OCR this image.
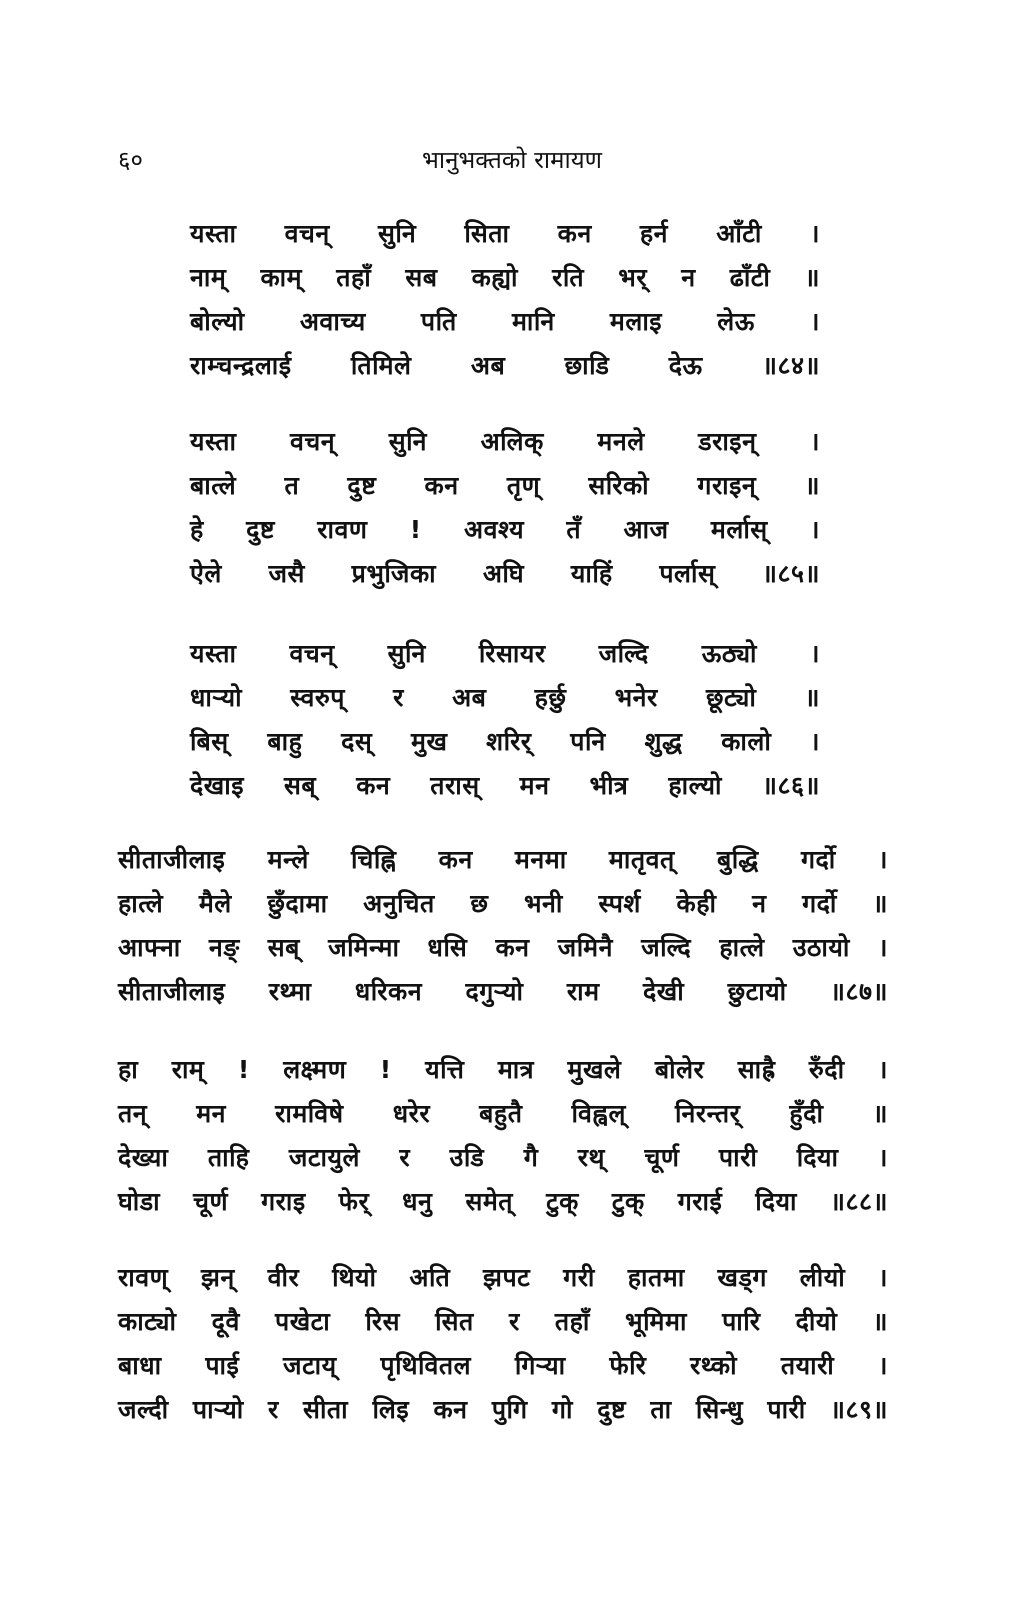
६०	भानुभक्तको रामायण
यस्ता वचन् सुनि सिता कन हर्न आँटी ।
नाम् काम् तहाँ सब कह्यो रति भर् न ढाँटी ॥
बोल्यो अवाच्य पति मानि मलाइ लेऊ ।
राम्चन्द्रलाई तिमिले अब छाडि देऊ ॥८४॥
यस्ता वचन् सुनि अलिक् मनले डराइन् ।
बात्ले त दुष्ट कन तृण् सरिको गराइन् ॥
हे दुष्ट रावण ! अवश्य तँ आज मर्लास् ।
ऐले जसै प्रभुजिका अघि याहिं पर्लास् ॥८५॥
यस्ता वचन् सुनि रिसायर जल्दि ऊठ्यो ।
धाऱ्यो स्वरुप् र अब हर्छु भनेर छूट्यो ॥
बिस् बाहु दस् मुख शरिर् पनि शुद्ध कालो ।
देखाइ सब् कन तरास् मन भीत्र हाल्यो ॥८६॥
सीताजीलाइ मन्ले चिह्नि कन मनमा मातृवत् बुद्धि गर्दो ।
हात्ले मैले छुँदामा अनुचित छ भनी स्पर्श केही न गर्दो ॥
आफ्ना नङ् सब् जमिन्मा धसि कन जमिनै जल्दि हात्ले उठायो ।
सीताजीलाइ रथ्मा धरिकन दगुऱ्यो राम देखी छुटायो ॥८७॥
हा राम् ! लक्ष्मण ! यत्ति मात्र मुखले बोलेर साह्रै रुँदी ।
तन् मन रामविषे धरेर बहुतै विह्वल् निरन्तर् हुँदी ॥
देख्या ताहि जटायुले र उडि गै रथ् चूर्ण पारी दिया ।
घोडा चूर्ण गराइ फेर् धनु समेत् टुक् टुक् गराई दिया ॥८८॥
रावण् झन् वीर थियो अति झपट गरी हातमा खड्ग लीयो ।
काट्यो दूवै पखेटा रिस सित र तहाँ भूमिमा पारि दीयो ॥
बाधा पाई जटाय् पृथिवितल गिऱ्या फेरि रथ्को तयारी ।
जल्दी पाऱ्यो र सीता लिइ कन पुगि गो दुष्ट ता सिन्धु पारी ॥८९॥
